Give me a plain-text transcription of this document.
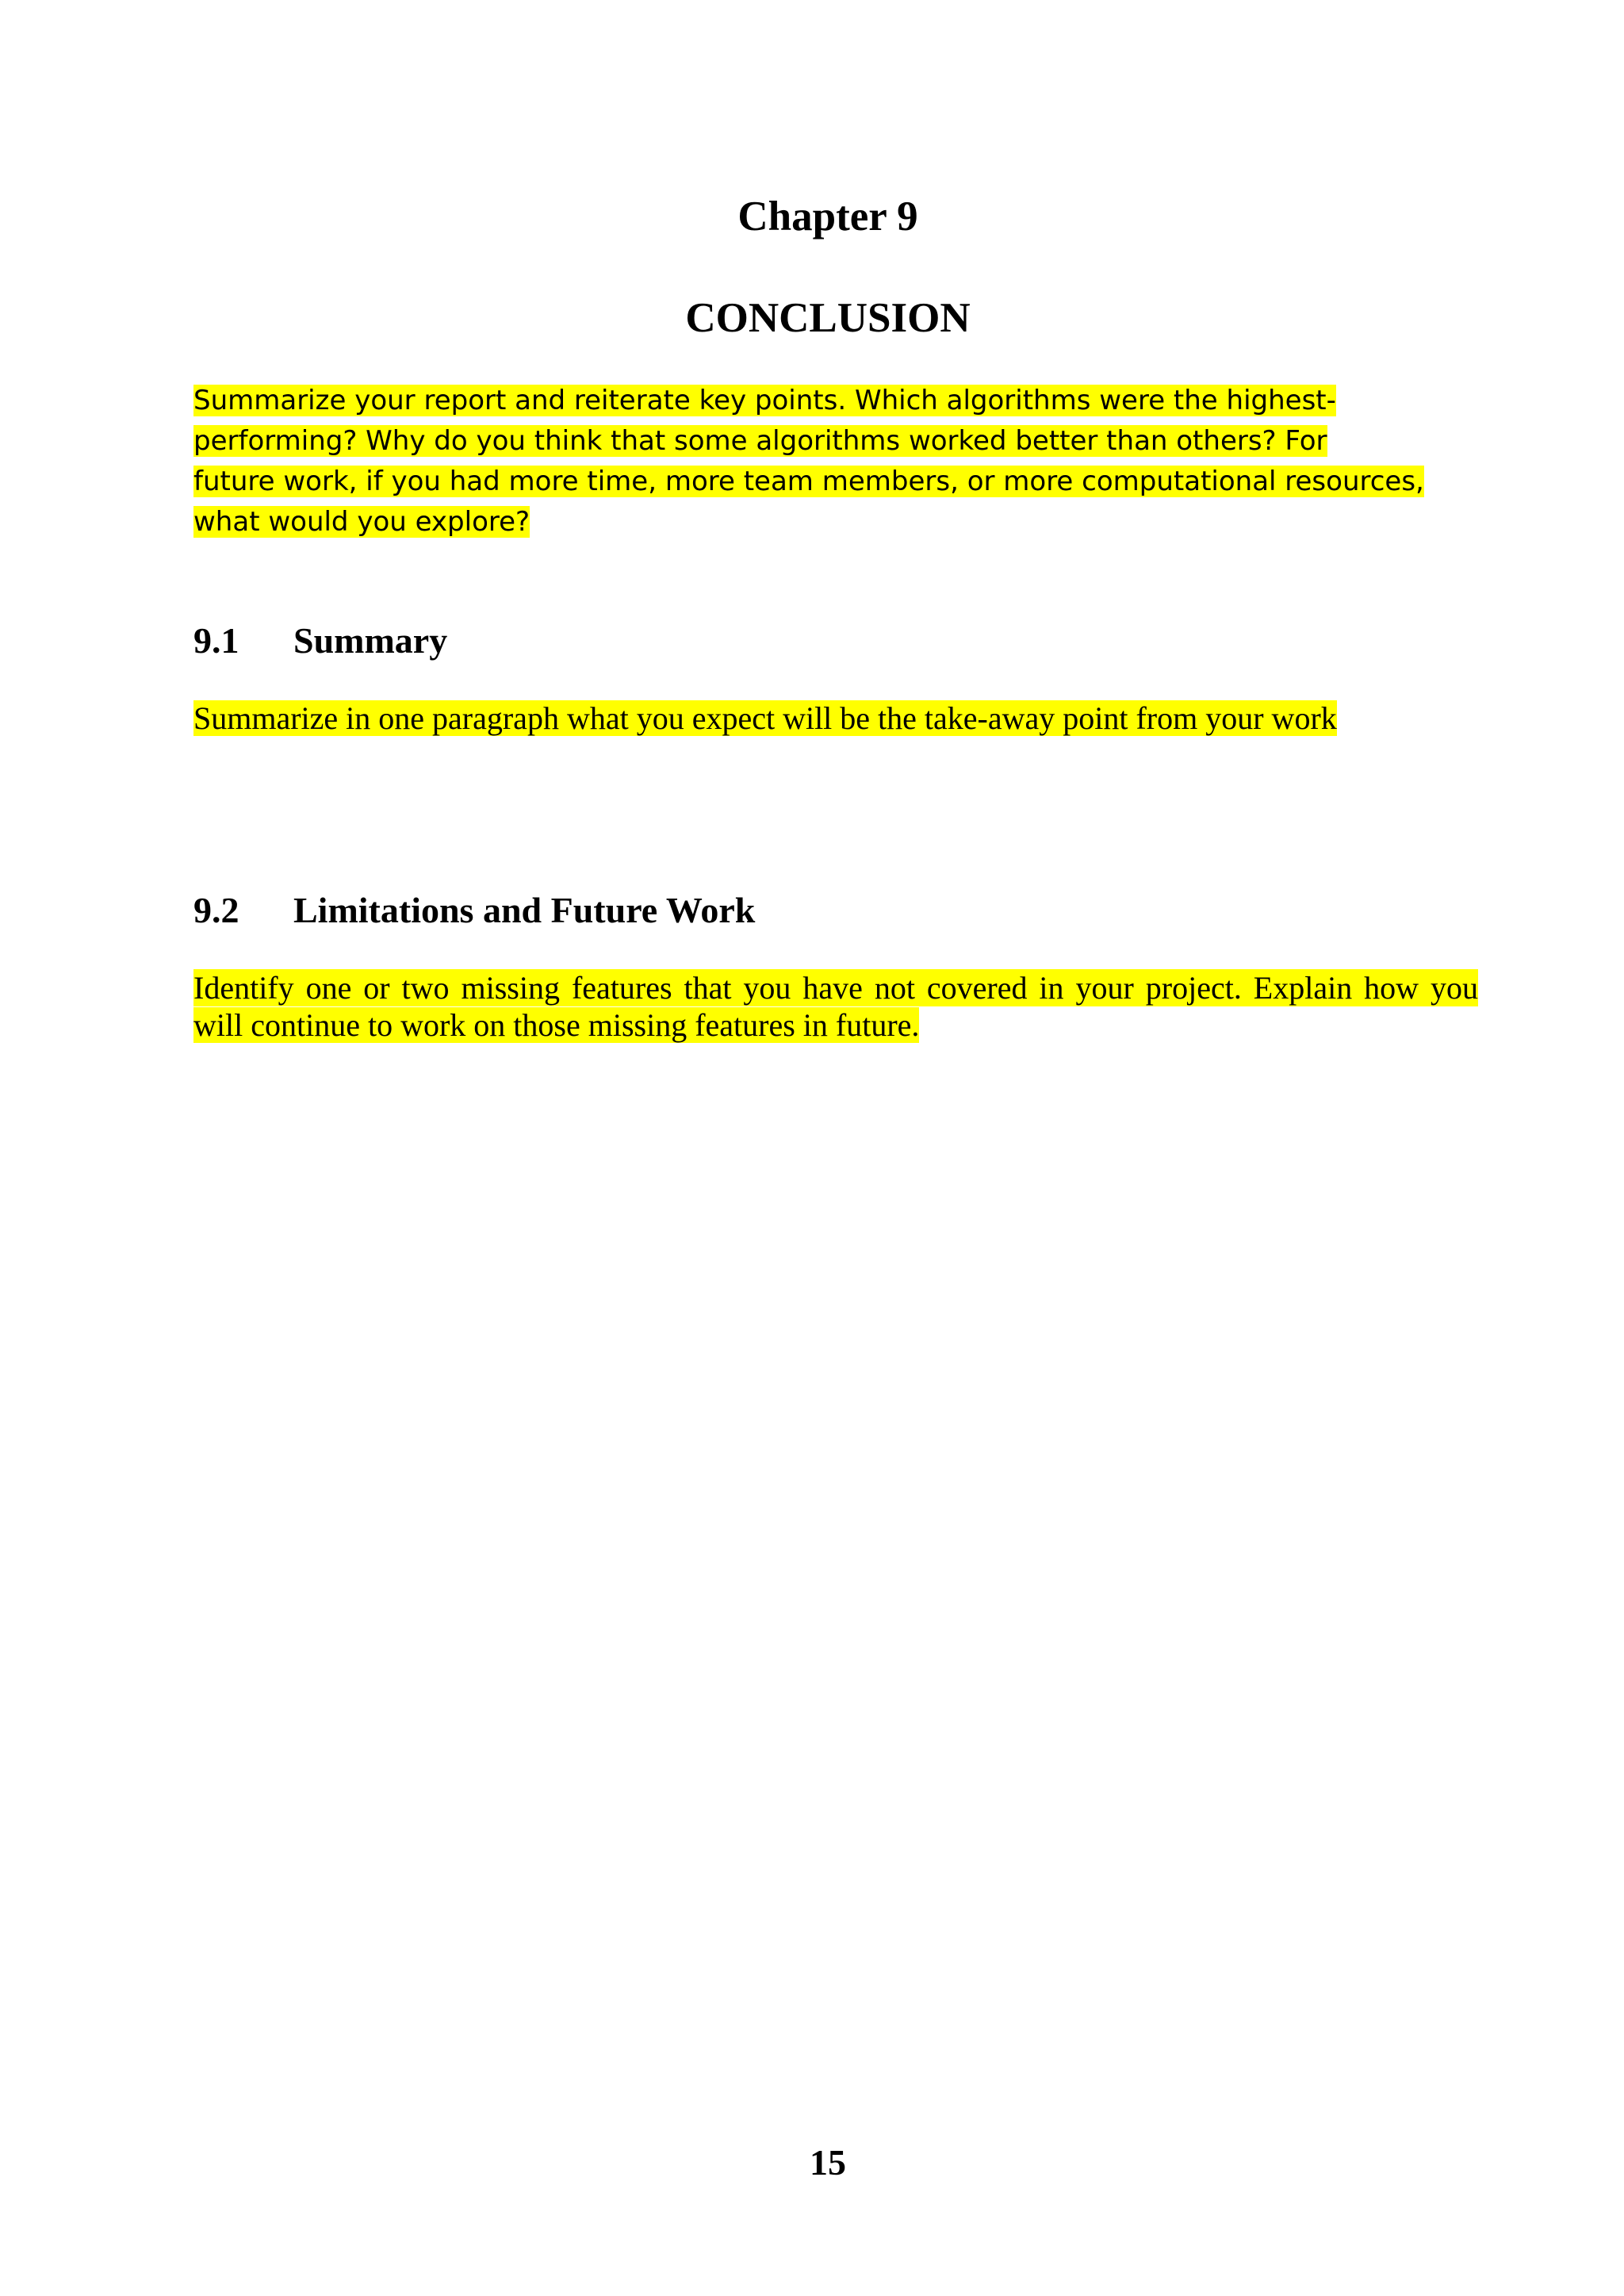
Chapter 9
CONCLUSION

Summarize your report and reiterate key points. Which algorithms were the highest-
performing? Why do you think that some algorithms worked better than others? For
future work, if you had more time, more team members, or more computational resources,
what would you explore?

9.1 Summary

Summarize in one paragraph what you expect will be the take-away point from your work

9.2 Limitations and Future Work

Identify one or two missing features that you have not covered in your project. Explain how you
will continue to work on those missing features in future.

15
